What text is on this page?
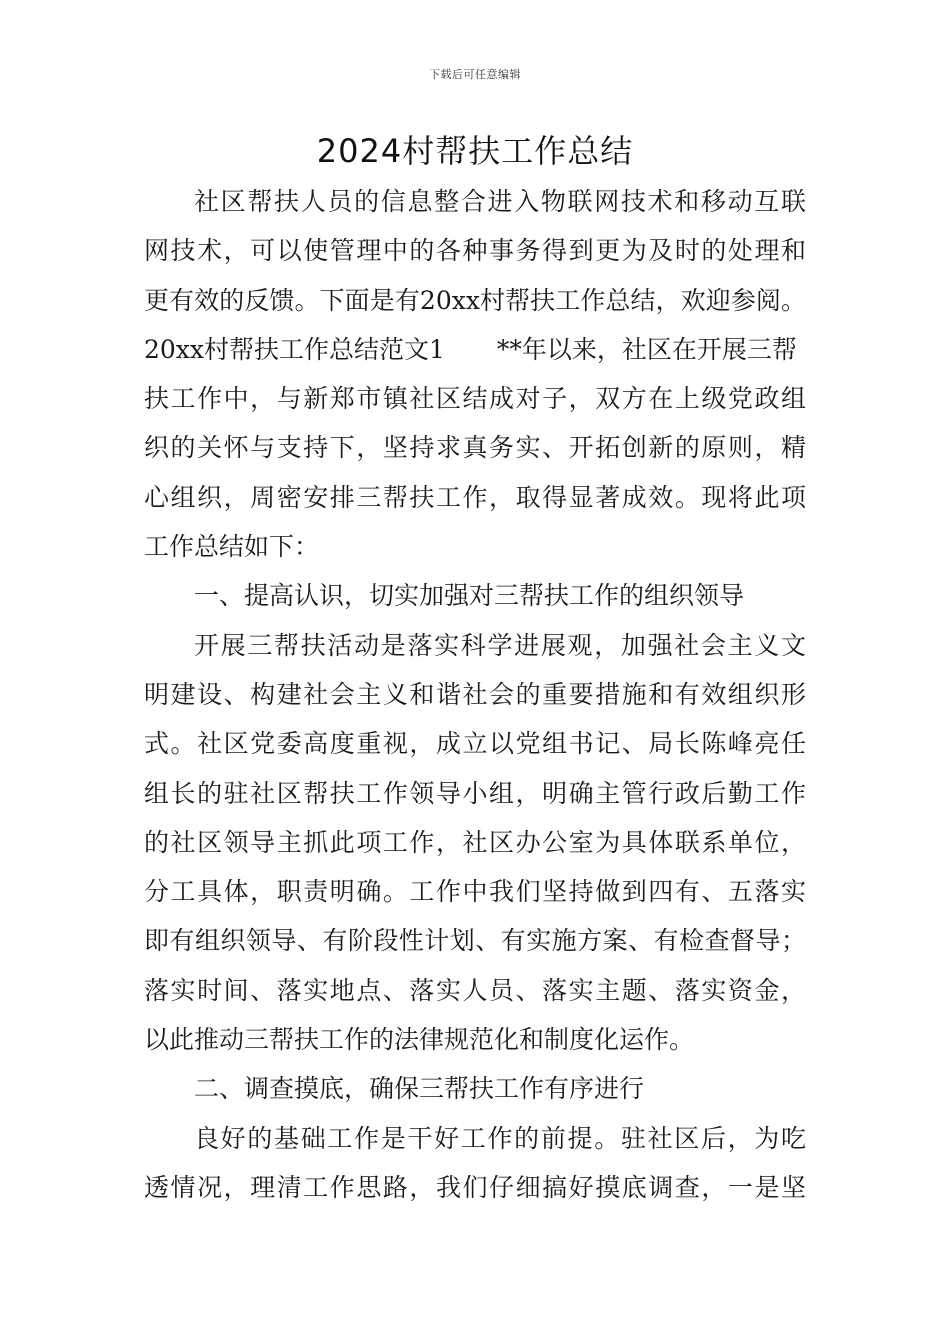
下载后可任意编辑
2024村帮扶工作总结
社区帮扶人员的信息整合进入物联网技术和移动互联
网技术，可以使管理中的各种事务得到更为及时的处理和
更有效的反馈。下面是有20xx村帮扶工作总结，欢迎参阅。
20xx村帮扶工作总结范文1 **年以来，社区在开展三帮
扶工作中，与新郑市镇社区结成对子，双方在上级党政组
织的关怀与支持下，坚持求真务实、开拓创新的原则，精
心组织，周密安排三帮扶工作，取得显著成效。现将此项
工作总结如下：
一、提高认识，切实加强对三帮扶工作的组织领导
开展三帮扶活动是落实科学进展观，加强社会主义文
明建设、构建社会主义和谐社会的重要措施和有效组织形
式。社区党委高度重视，成立以党组书记、局长陈峰亮任
组长的驻社区帮扶工作领导小组，明确主管行政后勤工作
的社区领导主抓此项工作，社区办公室为具体联系单位，
分工具体，职责明确。工作中我们坚持做到四有、五落实
即有组织领导、有阶段性计划、有实施方案、有检查督导；
落实时间、落实地点、落实人员、落实主题、落实资金，
以此推动三帮扶工作的法律规范化和制度化运作。
二、调查摸底，确保三帮扶工作有序进行
良好的基础工作是干好工作的前提。驻社区后，为吃
透情况，理清工作思路，我们仔细搞好摸底调查，一是坚
